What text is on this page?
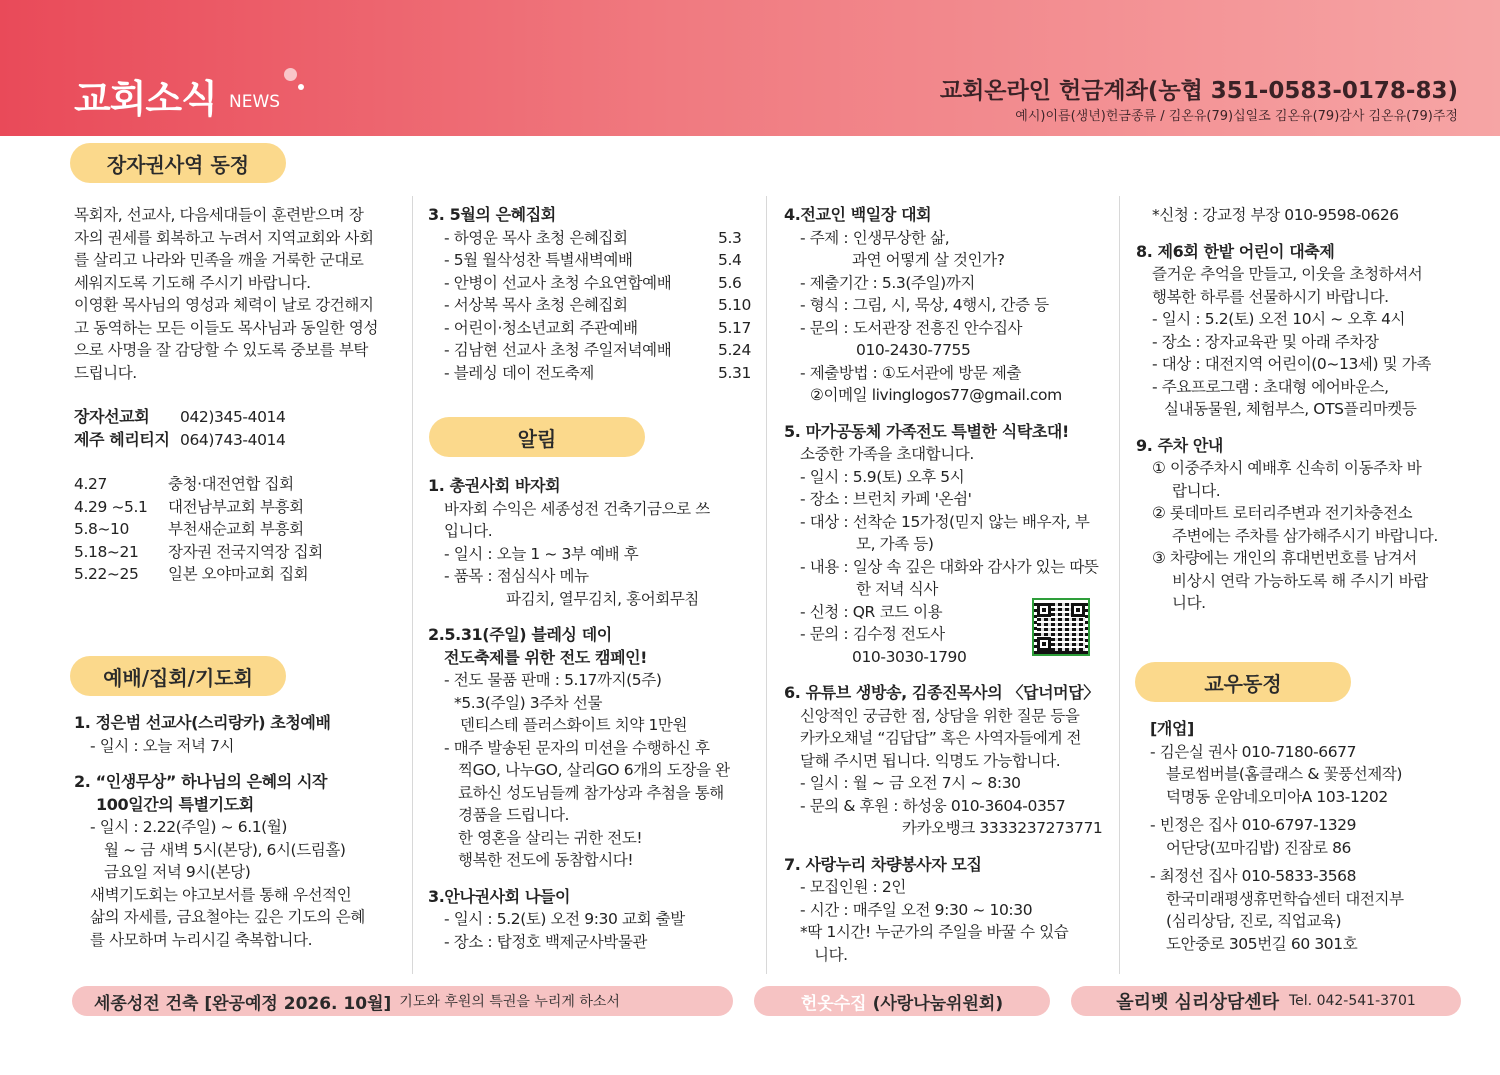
교회소식 NEWS	교회온라인 헌금계좌(농협 351-0583-0178-83)
예시)이름(생년)헌금종류 / 김온유(79)십일조 김온유(79)감사 김온유(79)주정
장자권사역 동정
목회자, 선교사, 다음세대들이 훈련받으며 장
자의 권세를 회복하고 누려서 지역교회와 사회
를 살리고 나라와 민족을 깨울 거룩한 군대로
세워지도록 기도해 주시기 바랍니다.
이영환 목사님의 영성과 체력이 날로 강건해지
고 동역하는 모든 이들도 목사님과 동일한 영성
으로 사명을 잘 감당할 수 있도록 중보를 부탁
드립니다.
장자선교회	042)345-4014
제주 헤리티지 064)743-4014
4.27	충청·대전연합 집회
4.29 ~5.1	대전남부교회 부흥회
5.8~10	부천새순교회 부흥회
5.18~21	장자권 전국지역장 집회
5.22~25	일본 오야마교회 집회
예배/집회/기도회
1. 정은범 선교사(스리랑카) 초청예배
- 일시 : 오늘 저녁 7시
2. “인생무상” 하나님의 은혜의 시작
100일간의 특별기도회
- 일시 : 2.22(주일) ~ 6.1(월)
월 ~ 금 새벽 5시(본당), 6시(드림홀)
금요일 저녁 9시(본당)
새벽기도회는 야고보서를 통해 우선적인
삶의 자세를, 금요철야는 깊은 기도의 은혜
를 사모하며 누리시길 축복합니다.
3. 5월의 은혜집회
- 하영운 목사 초청 은혜집회	5.3
- 5월 월삭성찬 특별새벽예배	5.4
- 안병이 선교사 초청 수요연합예배	5.6
- 서상복 목사 초청 은혜집회	5.10
- 어린이·청소년교회 주관예배	5.17
- 김남현 선교사 초청 주일저녁예배	5.24
- 블레싱 데이 전도축제	5.31
알림
1. 총권사회 바자회
바자회 수익은 세종성전 건축기금으로 쓰
입니다.
- 일시 : 오늘 1 ~ 3부 예배 후
- 품목 : 점심식사 메뉴
파김치, 열무김치, 홍어회무침
2.5.31(주일) 블레싱 데이
전도축제를 위한 전도 캠페인!
- 전도 물품 판매 : 5.17까지(5주)
*5.3(주일) 3주차 선물
덴티스테 플러스화이트 치약 1만원
- 매주 발송된 문자의 미션을 수행하신 후
찍GO, 나누GO, 살리GO 6개의 도장을 완
료하신 성도님들께 참가상과 추첨을 통해
경품을 드립니다.
한 영혼을 살리는 귀한 전도!
행복한 전도에 동참합시다!
3.안나권사회 나들이
- 일시 : 5.2(토) 오전 9:30 교회 출발
- 장소 : 탑정호 백제군사박물관
4.전교인 백일장 대회
- 주제 : 인생무상한 삶,
과연 어떻게 살 것인가?
- 제출기간 : 5.3(주일)까지
- 형식 : 그림, 시, 묵상, 4행시, 간증 등
- 문의 : 도서관장 전흥진 안수집사
010-2430-7755
- 제출방법 : ①도서관에 방문 제출
②이메일 livinglogos77@gmail.com
5. 마가공동체 가족전도 특별한 식탁초대!
소중한 가족을 초대합니다.
- 일시 : 5.9(토) 오후 5시
- 장소 : 브런치 카페 '온쉼'
- 대상 : 선착순 15가정(믿지 않는 배우자, 부
모, 가족 등)
- 내용 : 일상 속 깊은 대화와 감사가 있는 따뜻
한 저녁 식사
- 신청 : QR 코드 이용
- 문의 : 김수정 전도사
010-3030-1790
6. 유튜브 생방송, 김종진목사의 〈답너머답〉
신앙적인 궁금한 점, 상담을 위한 질문 등을
카카오채널 “김답답” 혹은 사역자들에게 전
달해 주시면 됩니다. 익명도 가능합니다.
- 일시 : 월 ~ 금 오전 7시 ~ 8:30
- 문의 & 후원 : 하성웅 010-3604-0357
카카오뱅크 3333237273771
7. 사랑누리 차량봉사자 모집
- 모집인원 : 2인
- 시간 : 매주일 오전 9:30 ~ 10:30
*딱 1시간! 누군가의 주일을 바꿀 수 있습
니다.
*신청 : 강교정 부장 010-9598-0626
8. 제6회 한밭 어린이 대축제
즐거운 추억을 만들고, 이웃을 초청하셔서
행복한 하루를 선물하시기 바랍니다.
- 일시 : 5.2(토) 오전 10시 ~ 오후 4시
- 장소 : 장자교육관 및 아래 주차장
- 대상 : 대전지역 어린이(0~13세) 및 가족
- 주요프로그램 : 초대형 에어바운스,
실내동물원, 체험부스, OTS플리마켓등
9. 주차 안내
① 이중주차시 예배후 신속히 이동주차 바
랍니다.
② 롯데마트 로터리주변과 전기차충전소
주변에는 주차를 삼가해주시기 바랍니다.
③ 차량에는 개인의 휴대번번호를 남겨서
비상시 연락 가능하도록 해 주시기 바랍
니다.
교우동정
[개업]
- 김은실 권사 010-7180-6677
블로썸버블(홈클래스 & 꽃풍선제작)
덕명동 운암네오미아A 103-1202
- 빈정은 집사 010-6797-1329
어단당(꼬마김밥) 진잠로 86
- 최정선 집사 010-5833-3568
한국미래평생휴먼학습센터 대전지부
(심리상담, 진로, 직업교육)
도안중로 305번길 60 301호
세종성전 건축 [완공예정 2026. 10월] 기도와 후원의 특권을 누리게 하소서	헌옷수집 (사랑나눔위원회)	올리벳 심리상담센타 Tel. 042-541-3701
